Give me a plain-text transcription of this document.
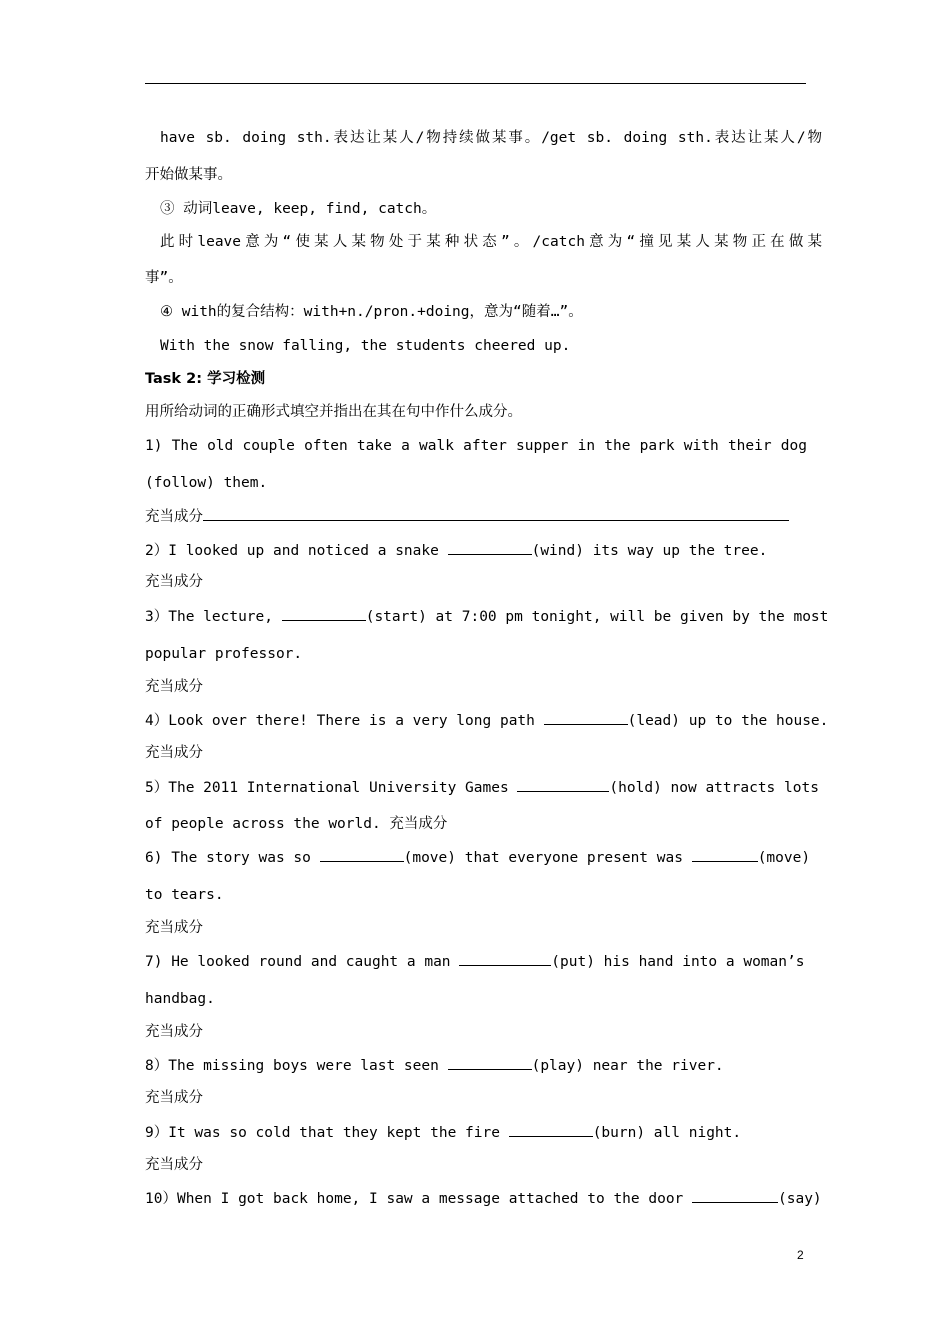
have sb. doing sth.表达让某人/物持续做某事。/get sb. doing sth.表达让某人/物
开始做某事。
③ 动词leave, keep, find, catch。
此时leave意为“使某人某物处于某种状态”。/catch意为“撞见某人某物正在做某
事”。
④ with的复合结构：with+n./pron.+doing，意为“随着…”。
With the snow falling, the students cheered up.
Task 2: 学习检测
用所给动词的正确形式填空并指出在其在句中作什么成分。
1) The old couple often take a walk after supper in the park with their dog
(follow) them.
充当成分
2）I looked up and noticed a snake	(wind) its way up the tree.
充当成分
3）The lecture,	(start) at 7:00 pm tonight, will be given by the most
popular professor.
充当成分
4）Look over there! There is a very long path	(lead) up to the house.
充当成分
5）The 2011 International University Games	(hold) now attracts lots
of people across the world. 充当成分
6) The story was so	(move) that everyone present was	(move)
to tears.
充当成分
7) He looked round and caught a man	(put) his hand into a woman’s
handbag.
充当成分
8）The missing boys were last seen	(play) near the river.
充当成分
9）It was so cold that they kept the fire	(burn) all night.
充当成分
10）When I got back home, I saw a message attached to the door	(say)
2
